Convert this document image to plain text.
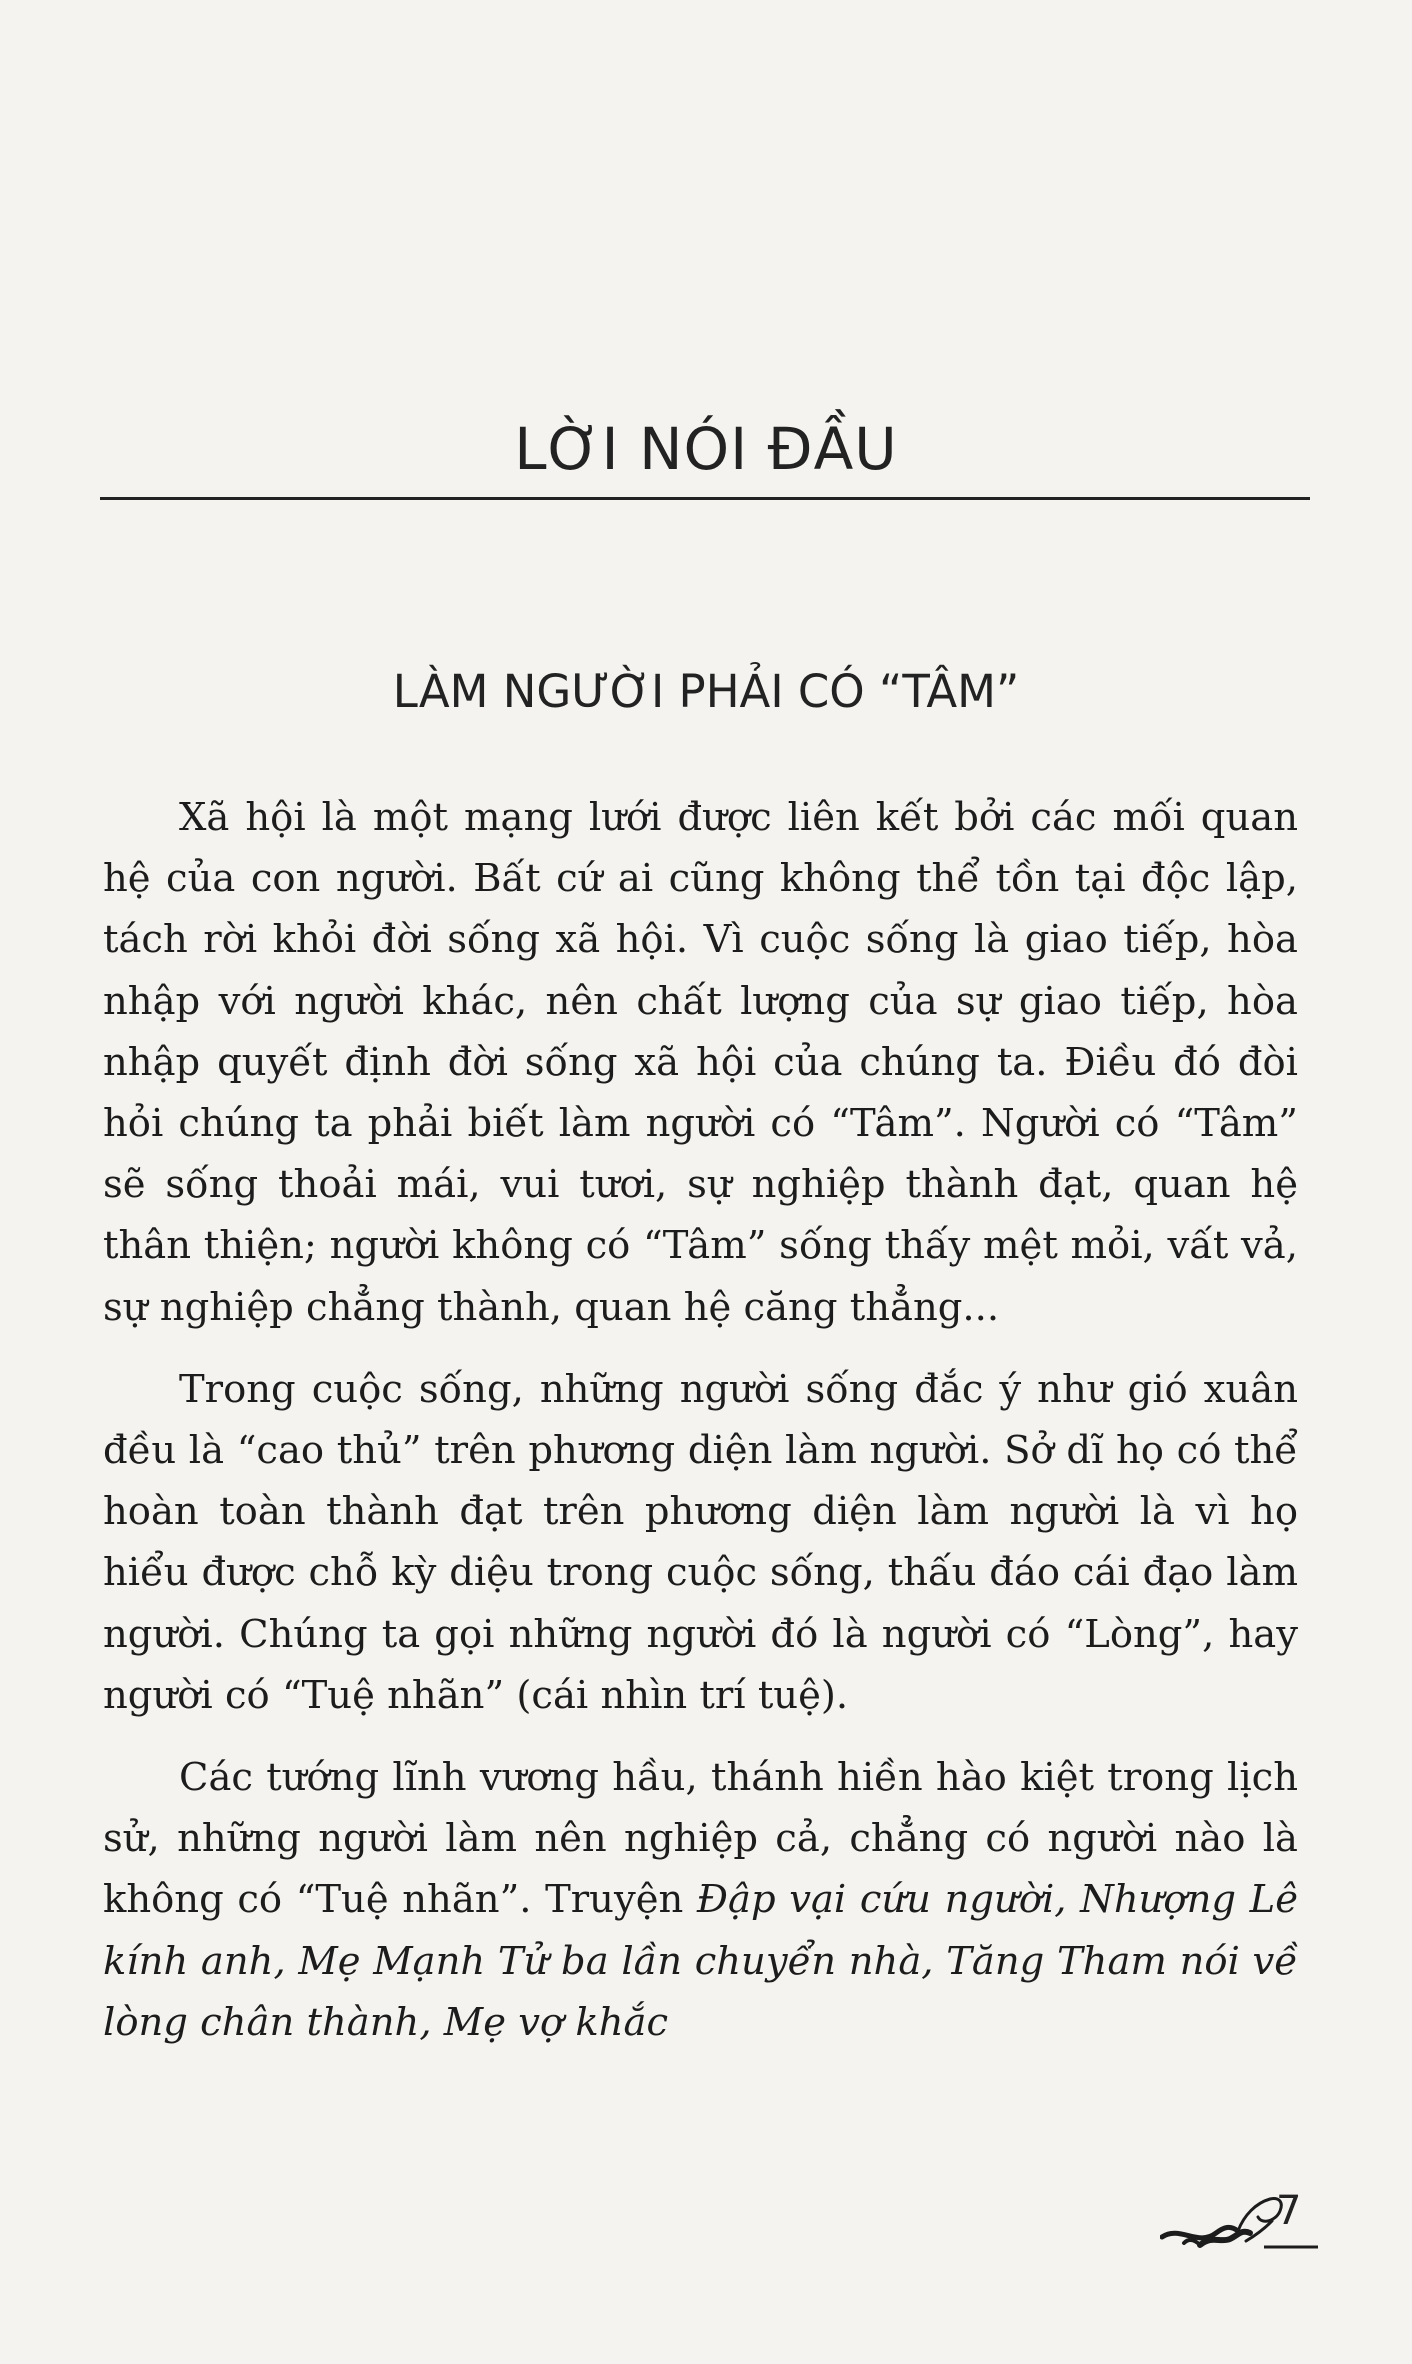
LỜI NÓI ĐẦU
LÀM NGƯỜI PHẢI CÓ “TÂM”

Xã hội là một mạng lưới được liên kết bởi các mối quan hệ của con người. Bất cứ ai cũng không thể tồn tại độc lập, tách rời khỏi đời sống xã hội. Vì cuộc sống là giao tiếp, hòa nhập với người khác, nên chất lượng của sự giao tiếp, hòa nhập quyết định đời sống xã hội của chúng ta. Điều đó đòi hỏi chúng ta phải biết làm người có “Tâm”. Người có “Tâm” sẽ sống thoải mái, vui tươi, sự nghiệp thành đạt, quan hệ thân thiện; người không có “Tâm” sống thấy mệt mỏi, vất vả, sự nghiệp chẳng thành, quan hệ căng thẳng...

Trong cuộc sống, những người sống đắc ý như gió xuân đều là “cao thủ” trên phương diện làm người. Sở dĩ họ có thể hoàn toàn thành đạt trên phương diện làm người là vì họ hiểu được chỗ kỳ diệu trong cuộc sống, thấu đáo cái đạo làm người. Chúng ta gọi những người đó là người có “Lòng”, hay người có “Tuệ nhãn” (cái nhìn trí tuệ).

Các tướng lĩnh vương hầu, thánh hiền hào kiệt trong lịch sử, những người làm nên nghiệp cả, chẳng có người nào là không có “Tuệ nhãn”. Truyện Đập vại cứu người, Nhượng Lê kính anh, Mẹ Mạnh Tử ba lần chuyển nhà, Tăng Tham nói về lòng chân thành, Mẹ vợ khắc

7
